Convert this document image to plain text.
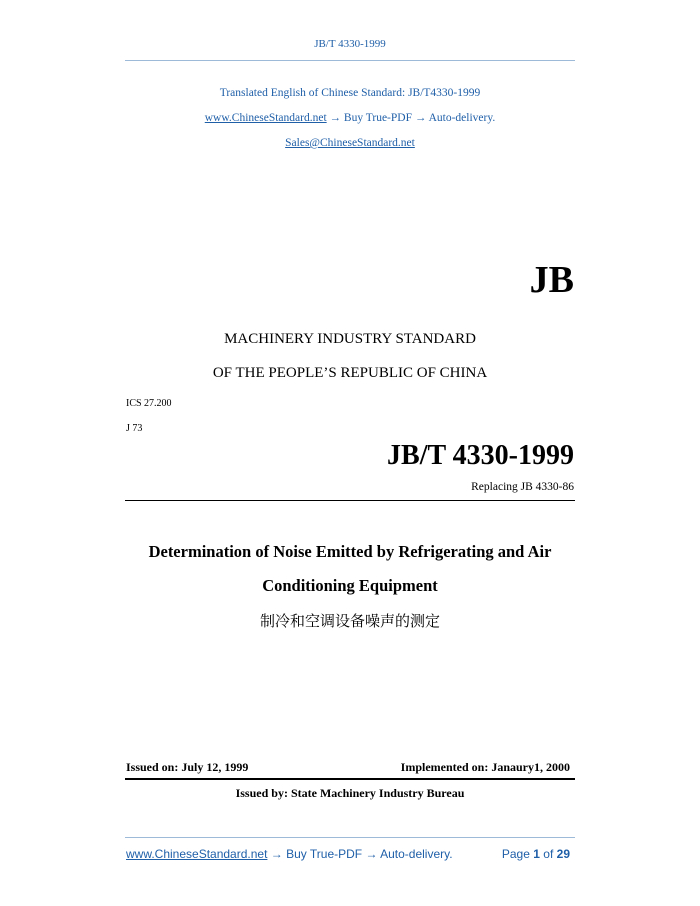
JB/T 4330-1999
Translated English of Chinese Standard: JB/T4330-1999
www.ChineseStandard.net → Buy True-PDF → Auto-delivery.
Sales@ChineseStandard.net
JB
MACHINERY INDUSTRY STANDARD
OF THE PEOPLE’S REPUBLIC OF CHINA
ICS 27.200
J 73
JB/T 4330-1999
Replacing JB 4330-86
Determination of Noise Emitted by Refrigerating and Air
Conditioning Equipment
制冷和空调设备噪声的测定
Issued on: July 12, 1999	Implemented on: Janaury1, 2000
Issued by: State Machinery Industry Bureau
www.ChineseStandard.net → Buy True-PDF → Auto-delivery.	Page 1 of 29
